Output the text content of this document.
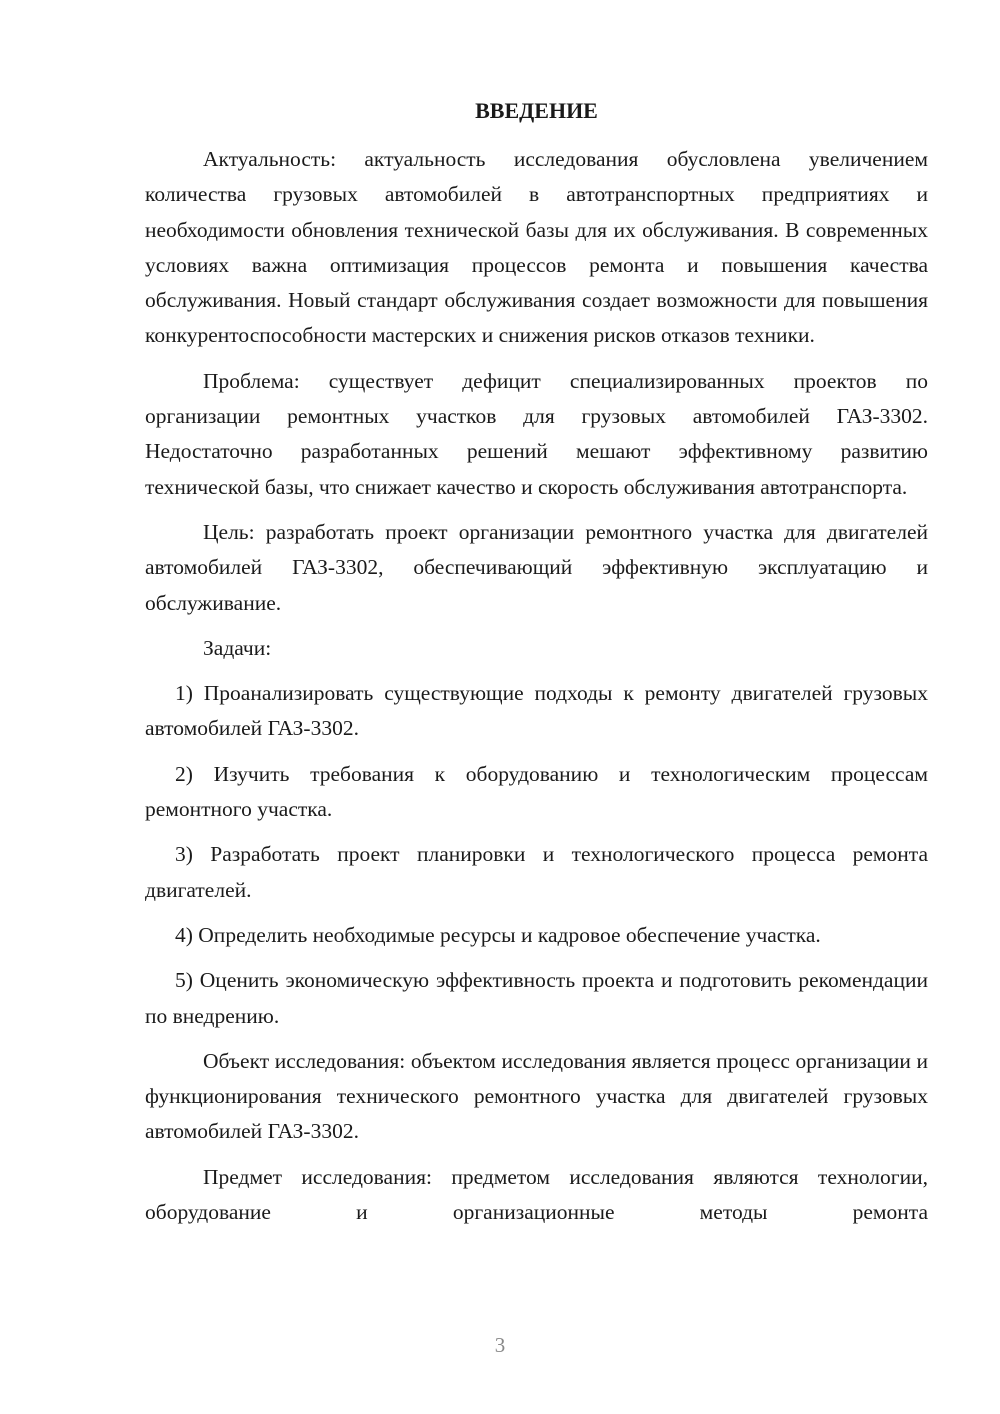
ВВЕДЕНИЕ

Актуальность: актуальность исследования обусловлена увеличением количества грузовых автомобилей в автотранспортных предприятиях и необходимости обновления технической базы для их обслуживания. В современных условиях важна оптимизация процессов ремонта и повышения качества обслуживания. Новый стандарт обслуживания создает возможности для повышения конкурентоспособности мастерских и снижения рисков отказов техники.

Проблема: существует дефицит специализированных проектов по организации ремонтных участков для грузовых автомобилей ГАЗ-3302. Недостаточно разработанных решений мешают эффективному развитию технической базы, что снижает качество и скорость обслуживания автотранспорта.

Цель: разработать проект организации ремонтного участка для двигателей автомобилей ГАЗ-3302, обеспечивающий эффективную эксплуатацию и обслуживание.

Задачи:

1) Проанализировать существующие подходы к ремонту двигателей грузовых автомобилей ГАЗ-3302.

2) Изучить требования к оборудованию и технологическим процессам ремонтного участка.

3) Разработать проект планировки и технологического процесса ремонта двигателей.

4) Определить необходимые ресурсы и кадровое обеспечение участка.

5) Оценить экономическую эффективность проекта и подготовить рекомендации по внедрению.

Объект исследования: объектом исследования является процесс организации и функционирования технического ремонтного участка для двигателей грузовых автомобилей ГАЗ-3302.

Предмет исследования: предметом исследования являются технологии, оборудование и организационные методы ремонта

3
